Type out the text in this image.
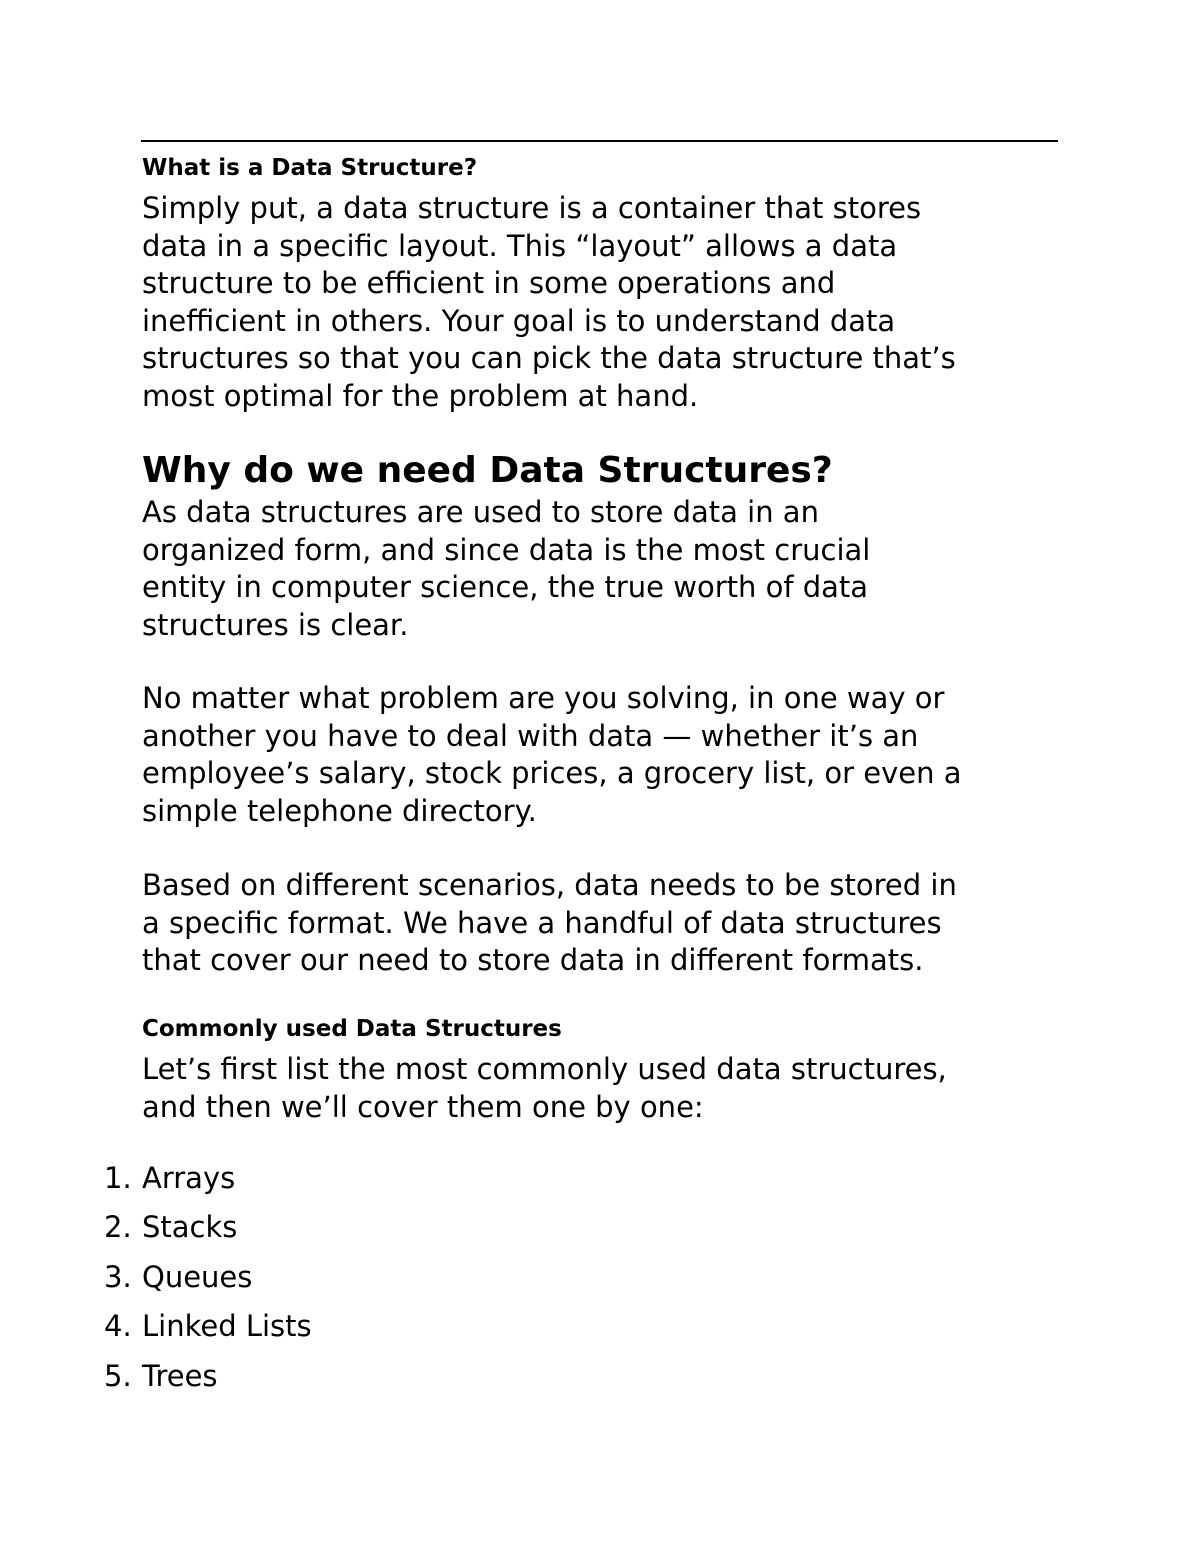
What is a Data Structure?
Simply put, a data structure is a container that stores
data in a specific layout. This “layout” allows a data
structure to be efficient in some operations and
inefficient in others. Your goal is to understand data
structures so that you can pick the data structure that’s
most optimal for the problem at hand.
Why do we need Data Structures?
As data structures are used to store data in an
organized form, and since data is the most crucial
entity in computer science, the true worth of data
structures is clear.
No matter what problem are you solving, in one way or
another you have to deal with data — whether it’s an
employee’s salary, stock prices, a grocery list, or even a
simple telephone directory.
Based on different scenarios, data needs to be stored in
a specific format. We have a handful of data structures
that cover our need to store data in different formats.
Commonly used Data Structures
Let’s first list the most commonly used data structures,
and then we’ll cover them one by one:
1. Arrays
2. Stacks
3. Queues
4. Linked Lists
5. Trees
